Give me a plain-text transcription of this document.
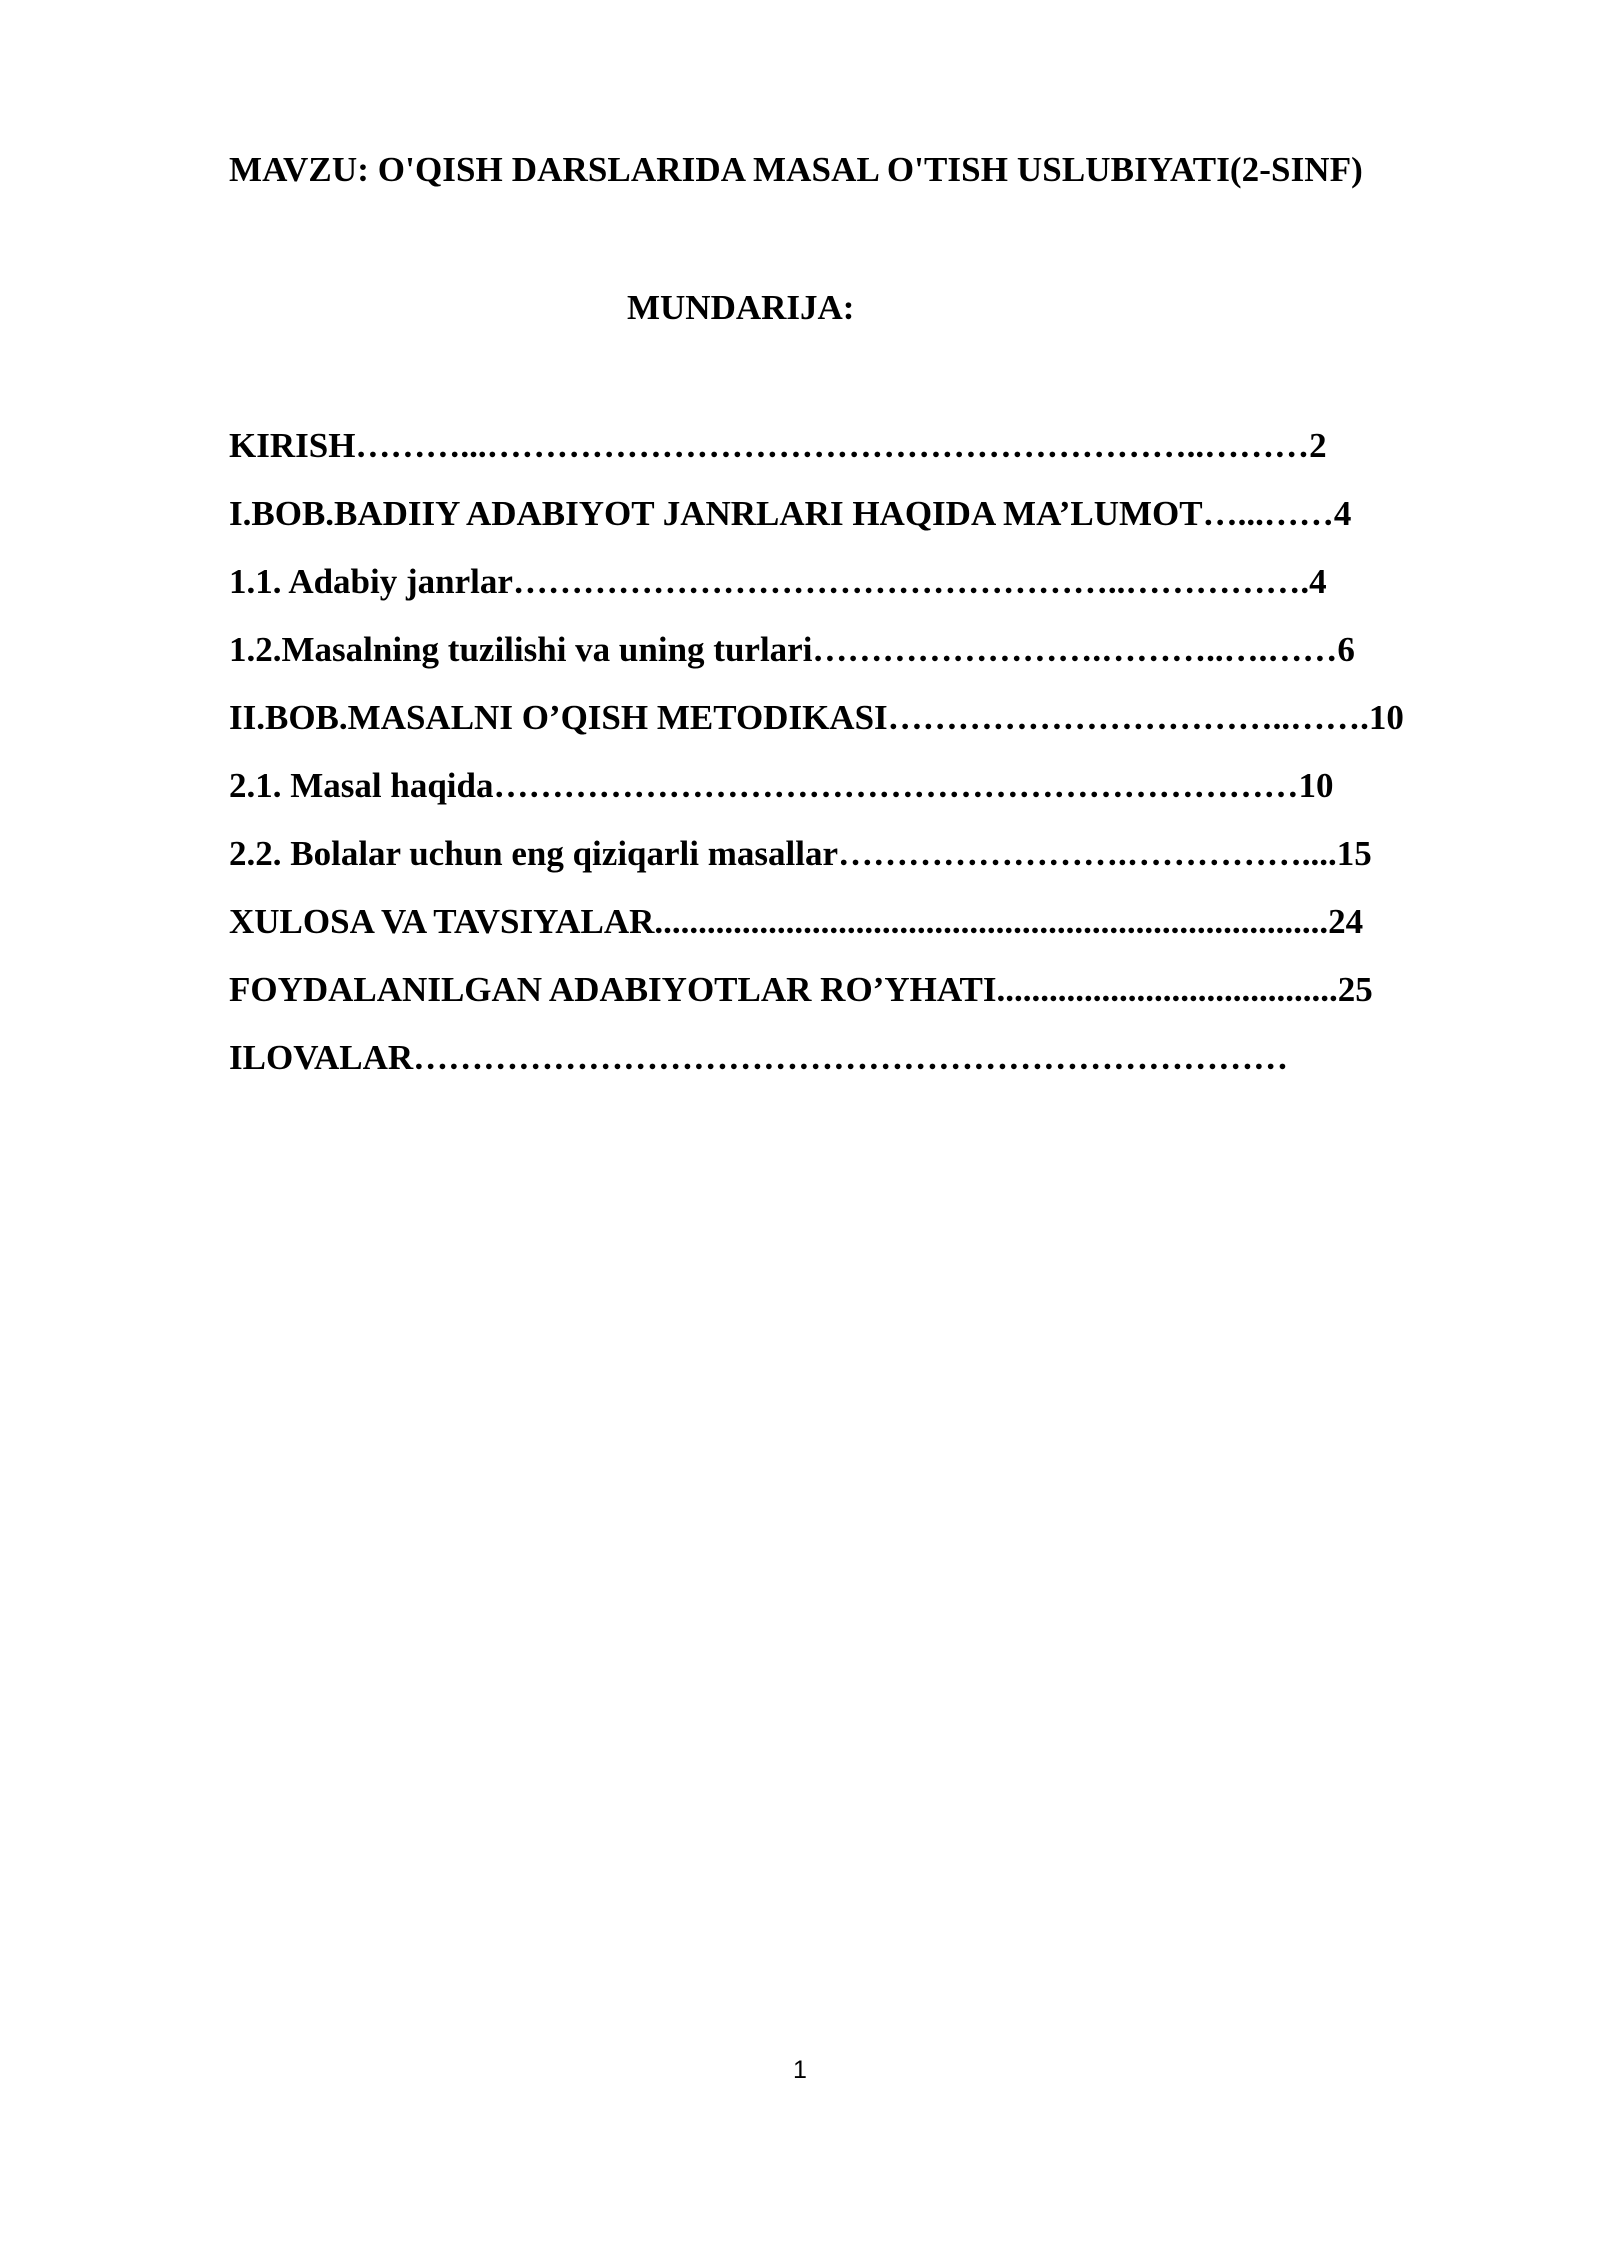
MAVZU: O'QISH DARSLARIDA MASAL O'TISH USLUBIYATI(2-SINF)
MUNDARIJA:
KIRISH………...……………………………………………………..………2
I.BOB.BADIIY ADABIYOT JANRLARI HAQIDA MA’LUMOT…...……4
1.1. Adabiy janrlar……………………………………………..…………….4
1.2.Masalning tuzilishi va uning turlari…………………….………..….……6
II.BOB.MASALNI O’QISH METODIKASI……………………………..…….10
2.1. Masal haqida……………………………………………………………10
2.2. Bolalar uchun eng qiziqarli masallar…………………….……………....15
XULOSA VA TAVSIYALAR.............................................................................24
FOYDALANILGAN ADABIYOTLAR RO’YHATI.......................................25
ILOVALAR…………………………………………………………………
1
